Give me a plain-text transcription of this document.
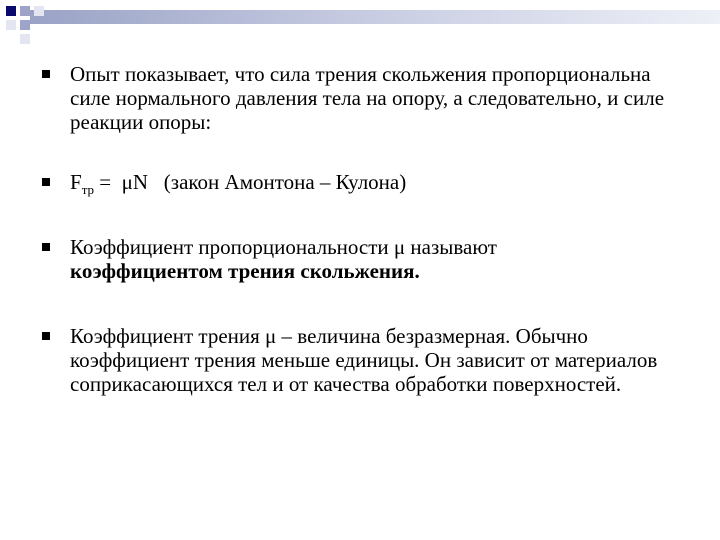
Опыт показывает, что сила трения скольжения пропорциональна силе нормального давления тела на опору, а следовательно, и силе реакции опоры:
$F_{тр} = \mu N$   (закон Амонтона – Кулона)
Коэффициент пропорциональности μ называют
коэффициентом трения скольжения.
Коэффициент трения μ – величина безразмерная. Обычно коэффициент трения меньше единицы. Он зависит от материалов соприкасающихся тел и от качества обработки поверхностей.
